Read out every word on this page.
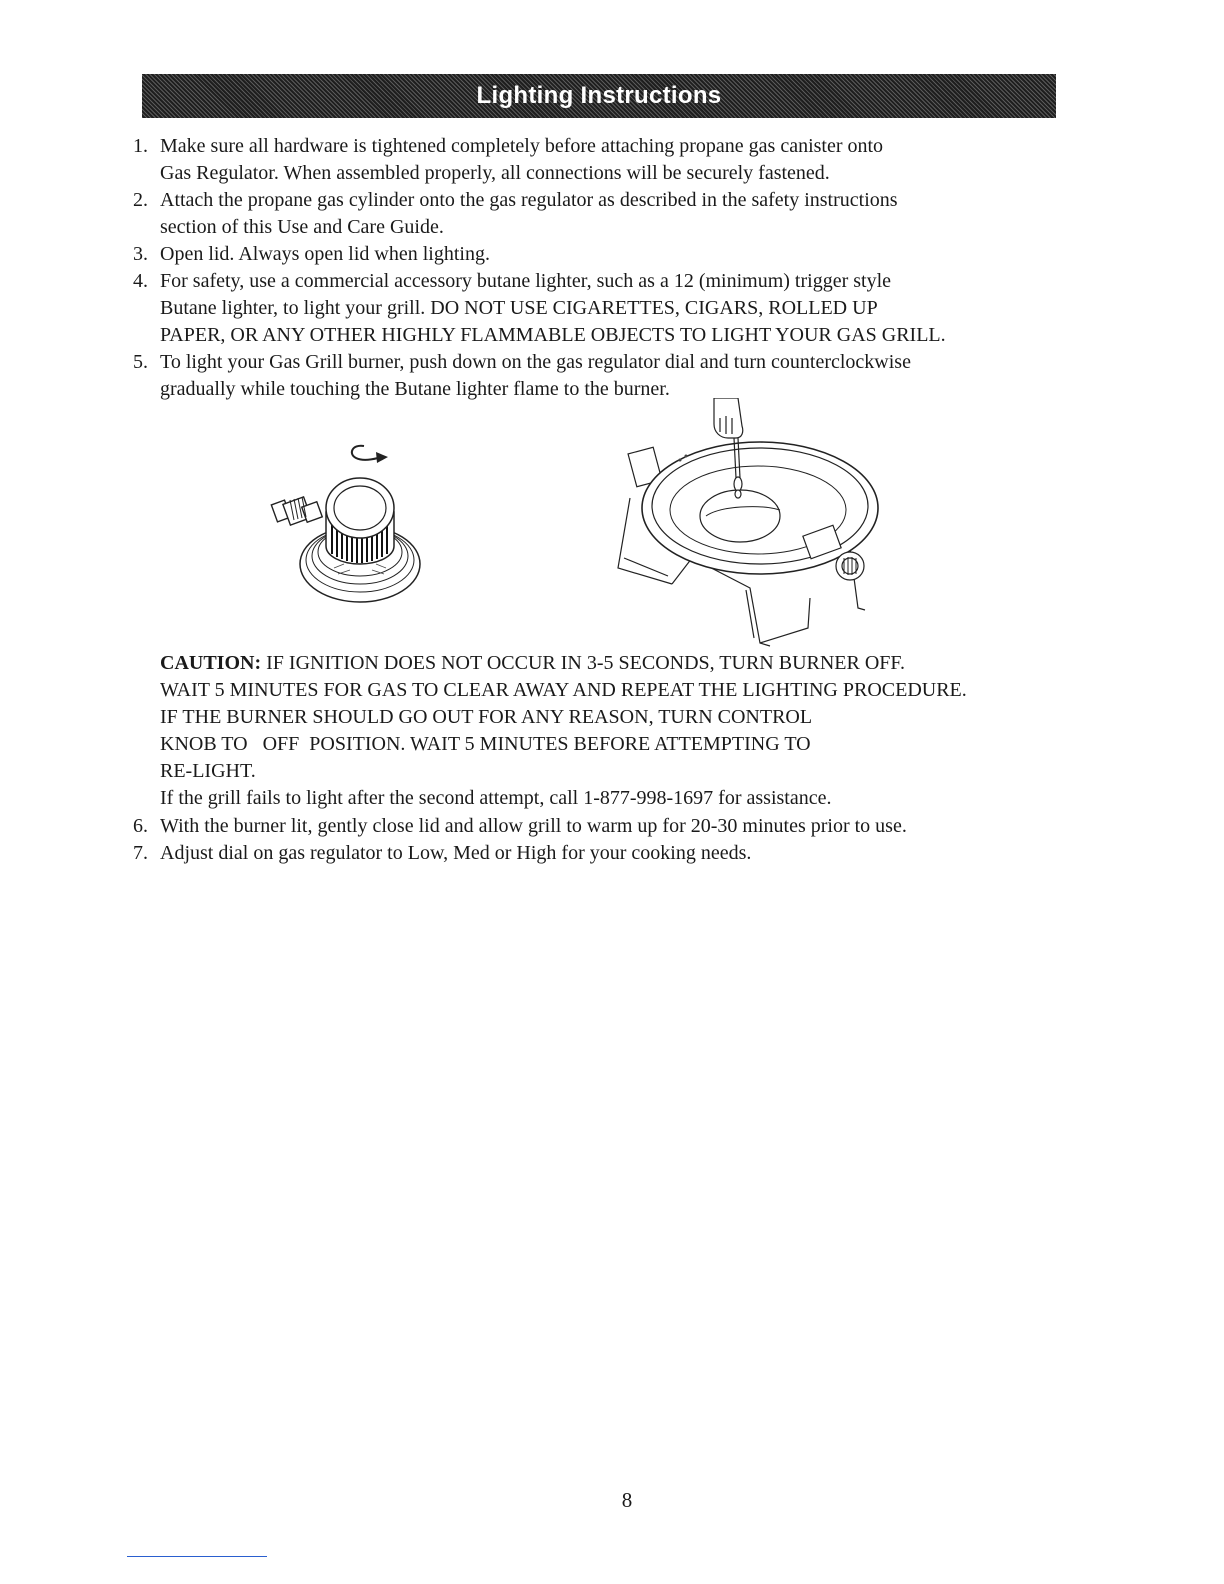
Lighting Instructions
1. Make sure all hardware is tightened completely before attaching propane gas canister onto
Gas Regulator. When assembled properly, all connections will be securely fastened.
2. Attach the propane gas cylinder onto the gas regulator as described in the safety instructions
section of this Use and Care Guide.
3. Open lid. Always open lid when lighting.
4. For safety, use a commercial accessory butane lighter, such as a 12 (minimum) trigger style
Butane lighter, to light your grill. DO NOT USE CIGARETTES, CIGARS, ROLLED UP
PAPER, OR ANY OTHER HIGHLY FLAMMABLE OBJECTS TO LIGHT YOUR GAS GRILL.
5. To light your Gas Grill burner, push down on the gas regulator dial and turn counterclockwise
gradually while touching the Butane lighter flame to the burner.
CAUTION: IF IGNITION DOES NOT OCCUR IN 3-5 SECONDS, TURN BURNER OFF.
WAIT 5 MINUTES FOR GAS TO CLEAR AWAY AND REPEAT THE LIGHTING PROCEDURE.
IF THE BURNER SHOULD GO OUT FOR ANY REASON, TURN CONTROL
KNOB TO   OFF  POSITION. WAIT 5 MINUTES BEFORE ATTEMPTING TO
RE-LIGHT.
If the grill fails to light after the second attempt, call 1-877-998-1697 for assistance.
6. With the burner lit, gently close lid and allow grill to warm up for 20-30 minutes prior to use.
7. Adjust dial on gas regulator to Low, Med or High for your cooking needs.
8
